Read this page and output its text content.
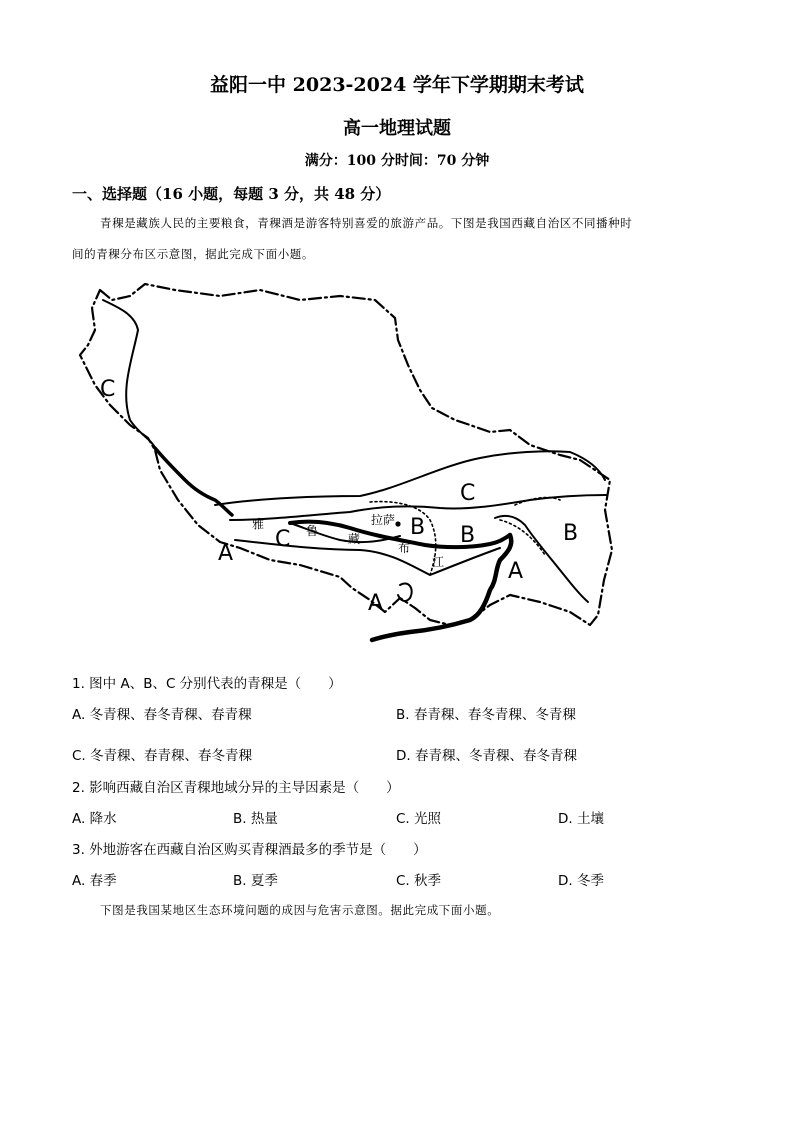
益阳一中 2023-2024 学年下学期期末考试
高一地理试题
满分：100 分时间：70 分钟
一、选择题（16 小题，每题 3 分，共 48 分）
青稞是藏族人民的主要粮食，青稞酒是游客特别喜爱的旅游产品。下图是我国西藏自治区不同播种时
间的青稞分布区示意图，据此完成下面小题。
C
C
C
A
A
A
B B	B
拉萨
雅	鲁
藏
布
江
1. 图中 A、B、C 分别代表的青稞是（　　）
A. 冬青稞、春冬青稞、春青稞	B. 春青稞、春冬青稞、冬青稞
C. 冬青稞、春青稞、春冬青稞	D. 春青稞、冬青稞、春冬青稞
2. 影响西藏自治区青稞地域分异的主导因素是（　　）
A. 降水	B. 热量	C. 光照	D. 土壤
3. 外地游客在西藏自治区购买青稞酒最多的季节是（　　）
A. 春季	B. 夏季	C. 秋季	D. 冬季
下图是我国某地区生态环境问题的成因与危害示意图。据此完成下面小题。
